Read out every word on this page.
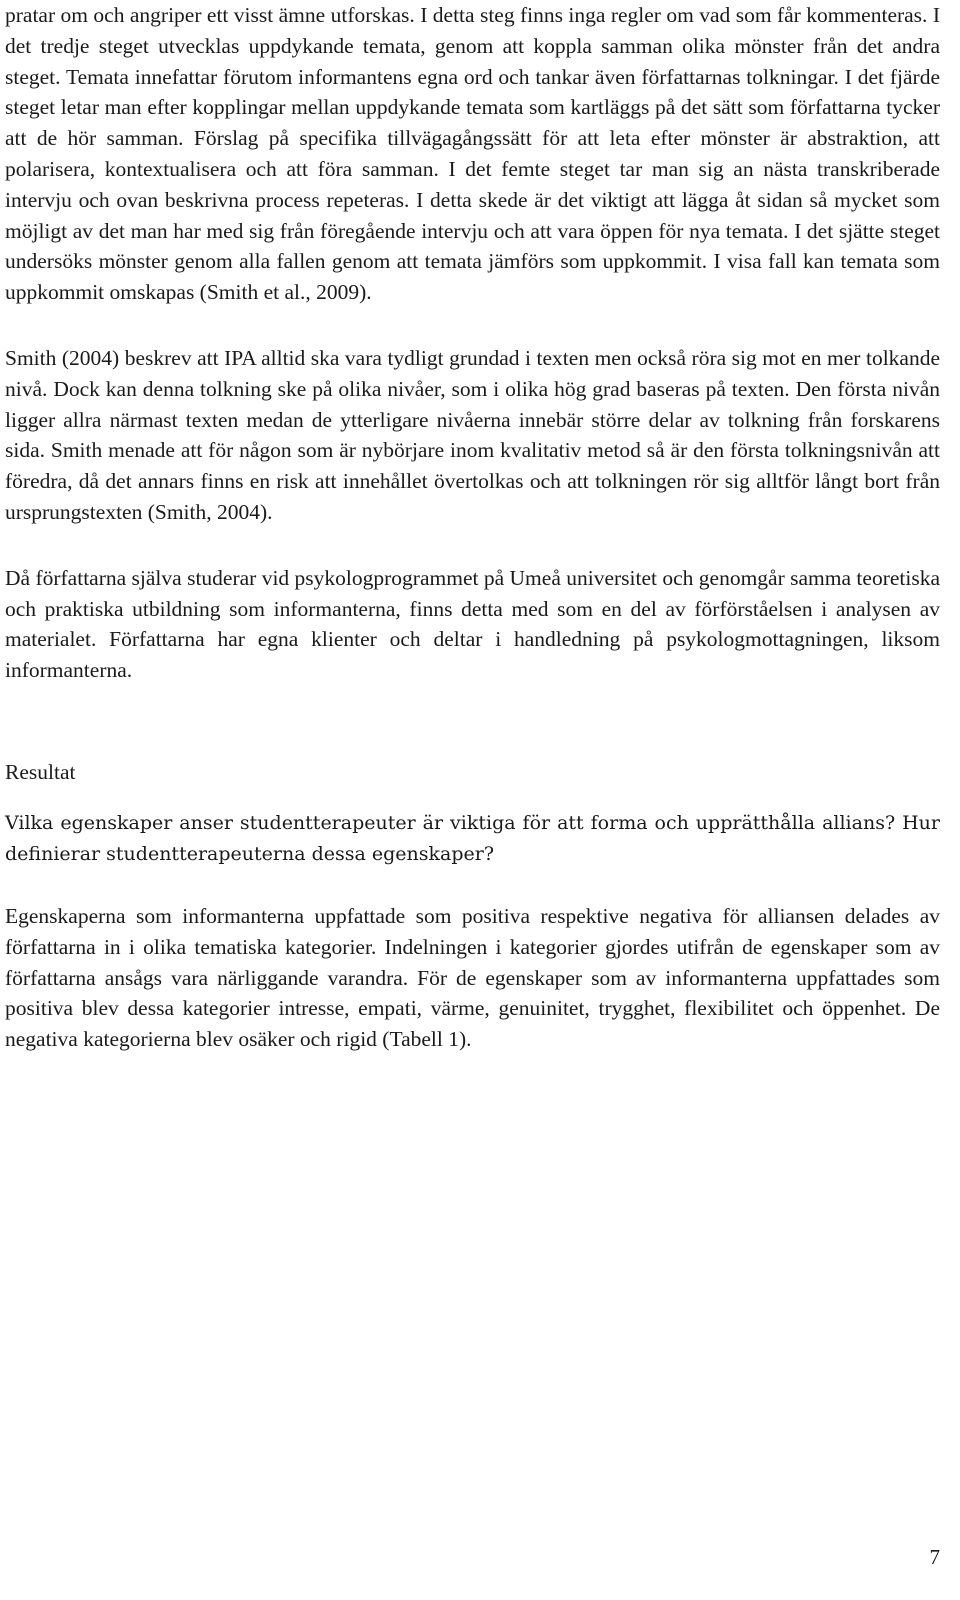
pratar om och angriper ett visst ämne utforskas. I detta steg finns inga regler om vad som får kommenteras. I det tredje steget utvecklas uppdykande temata, genom att koppla samman olika mönster från det andra steget. Temata innefattar förutom informantens egna ord och tankar även författarnas tolkningar. I det fjärde steget letar man efter kopplingar mellan uppdykande temata som kartläggs på det sätt som författarna tycker att de hör samman. Förslag på specifika tillvägagångssätt för att leta efter mönster är abstraktion, att polarisera, kontextualisera och att föra samman. I det femte steget tar man sig an nästa transkriberade intervju och ovan beskrivna process repeteras. I detta skede är det viktigt att lägga åt sidan så mycket som möjligt av det man har med sig från föregående intervju och att vara öppen för nya temata. I det sjätte steget undersöks mönster genom alla fallen genom att temata jämförs som uppkommit. I visa fall kan temata som uppkommit omskapas (Smith et al., 2009).

Smith (2004) beskrev att IPA alltid ska vara tydligt grundad i texten men också röra sig mot en mer tolkande nivå. Dock kan denna tolkning ske på olika nivåer, som i olika hög grad baseras på texten. Den första nivån ligger allra närmast texten medan de ytterligare nivåerna innebär större delar av tolkning från forskarens sida. Smith menade att för någon som är nybörjare inom kvalitativ metod så är den första tolkningsnivån att föredra, då det annars finns en risk att innehållet övertolkas och att tolkningen rör sig alltför långt bort från ursprungstexten (Smith, 2004).

Då författarna själva studerar vid psykologprogrammet på Umeå universitet och genomgår samma teoretiska och praktiska utbildning som informanterna, finns detta med som en del av förförståelsen i analysen av materialet. Författarna har egna klienter och deltar i handledning på psykologmottagningen, liksom informanterna.

Resultat

Vilka egenskaper anser studentterapeuter är viktiga för att forma och upprätthålla allians? Hur definierar studentterapeuterna dessa egenskaper?

Egenskaperna som informanterna uppfattade som positiva respektive negativa för alliansen delades av författarna in i olika tematiska kategorier. Indelningen i kategorier gjordes utifrån de egenskaper som av författarna ansågs vara närliggande varandra. För de egenskaper som av informanterna uppfattades som positiva blev dessa kategorier intresse, empati, värme, genuinitet, trygghet, flexibilitet och öppenhet. De negativa kategorierna blev osäker och rigid (Tabell 1).

7
